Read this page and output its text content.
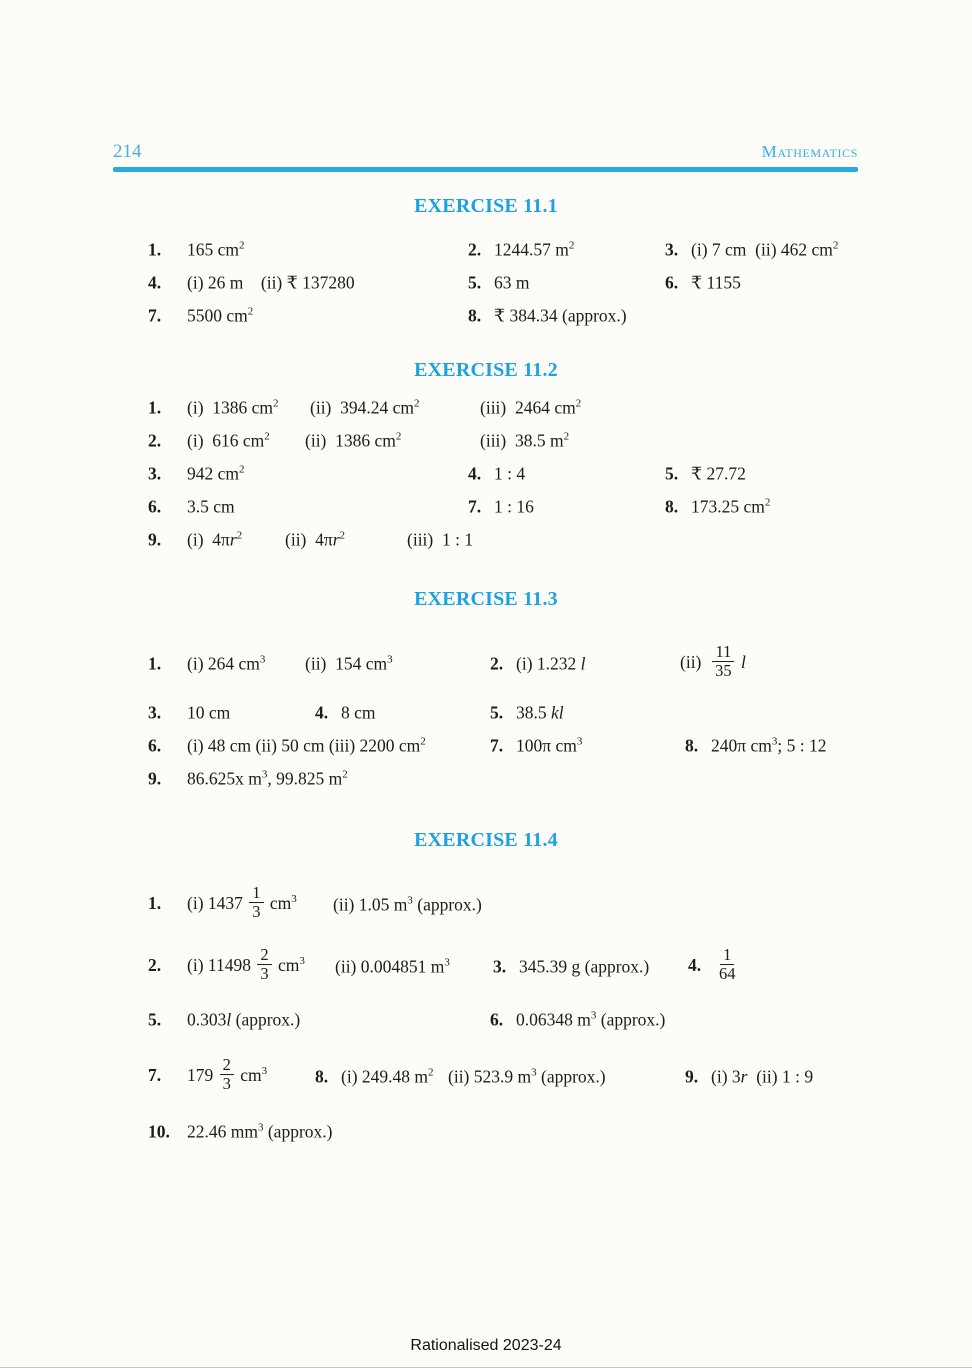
214	Mathematics
EXERCISE 11.1
1. 165 $cm^2$	2. 1244.57 $m^2$	3. (i) 7 cm  (ii) 462 $cm^2$
4. (i) 26 m    (ii) ₹ 137280	5. 63 m	6. ₹ 1155
7. 5500 $cm^2$	8. ₹ 384.34 (approx.)
EXERCISE 11.2
1. (i)  1386 $cm^2$ (ii)  394.24 $cm^2$	(iii)  2464 $cm^2$
2. (i)  616 $cm^2$ (ii)  1386 $cm^2$	(iii)  38.5 $m^2$
3. 942 $cm^2$	4. 1 : 4	5. ₹ 27.72
6. 3.5 cm	7. 1 : 16	8. 173.25 $cm^2$
9. (i)  $4\pi r^2$ (ii)  $4\pi r^2$	(iii)  1 : 1
EXERCISE 11.3
1. (i) 264 $cm^3$ (ii)  154 $cm^3$	2. (i) 1.232 l	$(ii) \frac{11}{35}$ l
3. 10 cm	4. 8 cm	5. 38.5 kl
6. (i) 48 cm (ii) 50 cm (iii) 2200 $cm^2$	7. 100π $cm^3$	8. 240π $cm^3$; 5 : 12
9. 86.625x $m^3$, 99.825 $m^2$
EXERCISE 11.4
1. (i) $1437 \frac{1}{3} cm^3$ (ii) 1.05 $m^3$ (approx.)
2. (i) $11498 \frac{2}{3} cm^3$ (ii) 0.004851 $m^3$ 3. 345.39 g (approx.) 4. $\frac{1}{64}$
5. 0.303l (approx.)	6. 0.06348 $m^3$ (approx.)
7. $179 \frac{2}{3} cm^3$	8. (i) 249.48 $m^2$ (ii) 523.9 $m^3$ (approx.)	9. (i) 3r  (ii) 1 : 9
10. 22.46 $mm^3$ (approx.)
Rationalised 2023-24
